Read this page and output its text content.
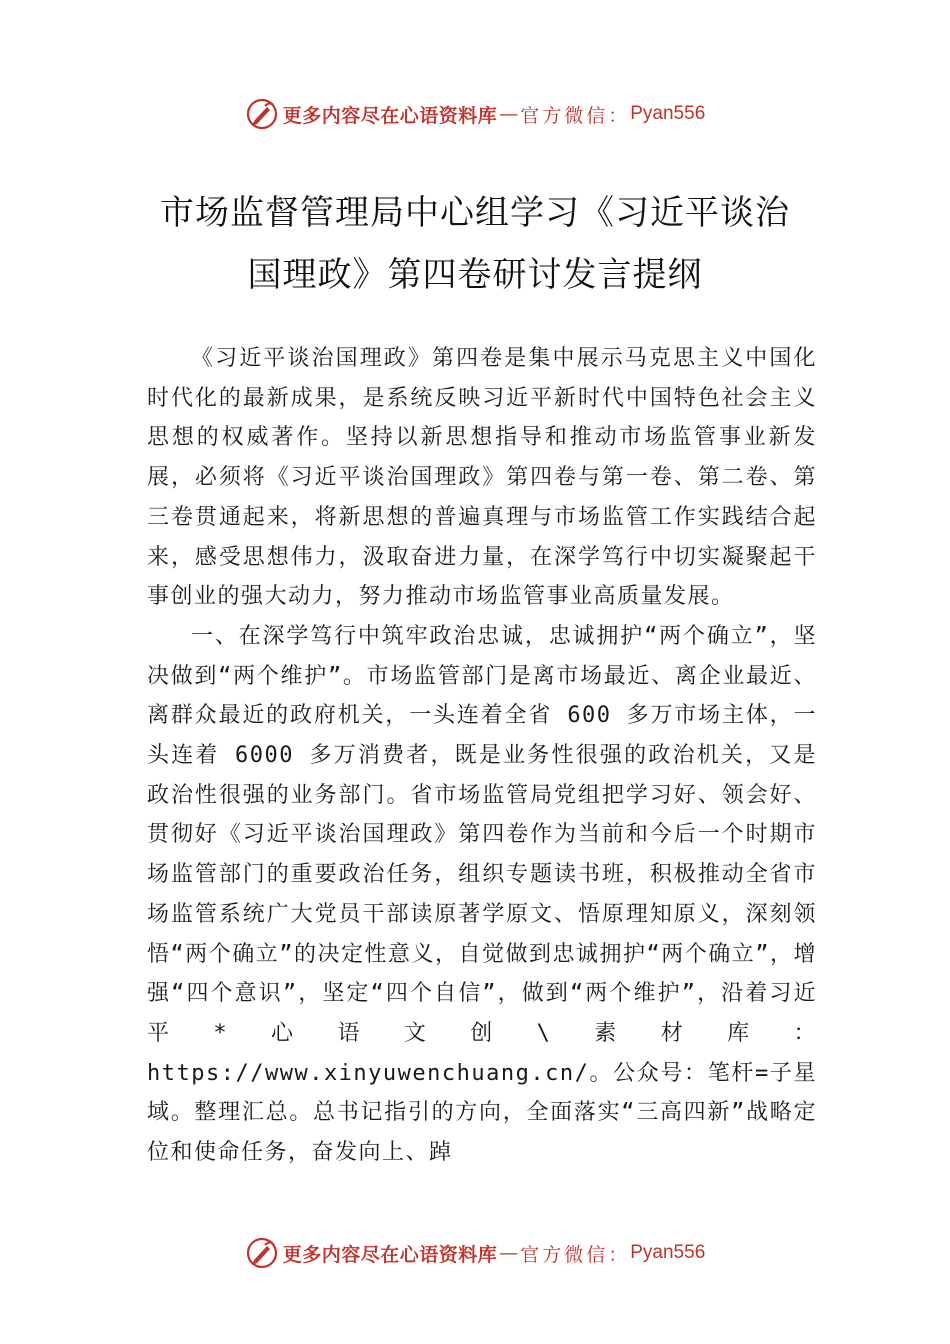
更多内容尽在心语资料库 — 官方微信： Pyan556
市场监督管理局中心组学习《习近平谈治
国理政》第四卷研讨发言提纲

《习近平谈治国理政》第四卷是集中展示马克思主义中国化时代化的最新成果，是系统反映习近平新时代中国特色社会主义思想的权威著作。坚持以新思想指导和推动市场监管事业新发展，必须将《习近平谈治国理政》第四卷与第一卷、第二卷、第三卷贯通起来，将新思想的普遍真理与市场监管工作实践结合起来，感受思想伟力，汲取奋进力量，在深学笃行中切实凝聚起干事创业的强大动力，努力推动市场监管事业高质量发展。

一、在深学笃行中筑牢政治忠诚，忠诚拥护“两个确立”，坚决做到“两个维护”。市场监管部门是离市场最近、离企业最近、离群众最近的政府机关，一头连着全省 600 多万市场主体，一头连着 6000 多万消费者，既是业务性很强的政治机关，又是政治性很强的业务部门。省市场监管局党组把学习好、领会好、贯彻好《习近平谈治国理政》第四卷作为当前和今后一个时期市场监管部门的重要政治任务，组织专题读书班，积极推动全省市场监管系统广大党员干部读原著学原文、悟原理知原义，深刻领悟“两个确立”的决定性意义，自觉做到忠诚拥护“两个确立”，增强“四个意识”，坚定“四个自信”，做到“两个维护”，沿着习近平*心语文创\素材库：https://www.xinyuwenchuang.cn/。公众号：笔杆=子星域。整理汇总。总书记指引的方向，全面落实“三高四新”战略定位和使命任务，奋发向上、踔

更多内容尽在心语资料库 — 官方微信： Pyan556
